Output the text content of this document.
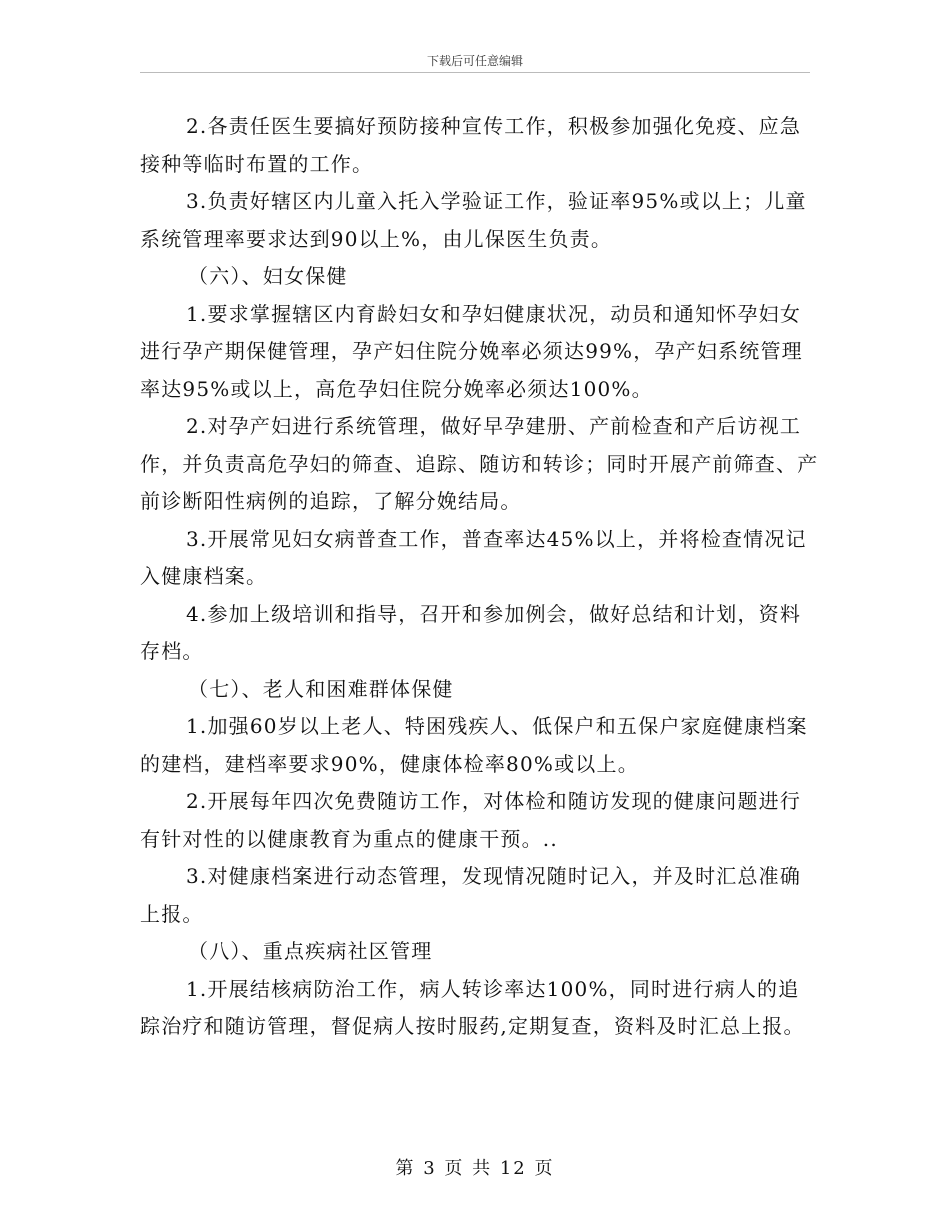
下载后可任意编辑

2.各责任医生要搞好预防接种宣传工作，积极参加强化免疫、应急接种等临时布置的工作。

3.负责好辖区内儿童入托入学验证工作，验证率95%或以上；儿童系统管理率要求达到90以上%，由儿保医生负责。

（六）、妇女保健

1.要求掌握辖区内育龄妇女和孕妇健康状况，动员和通知怀孕妇女进行孕产期保健管理，孕产妇住院分娩率必须达99%，孕产妇系统管理率达95%或以上，高危孕妇住院分娩率必须达100%。

2.对孕产妇进行系统管理，做好早孕建册、产前检查和产后访视工作，并负责高危孕妇的筛查、追踪、随访和转诊；同时开展产前筛查、产前诊断阳性病例的追踪，了解分娩结局。

3.开展常见妇女病普查工作，普查率达45%以上，并将检查情况记入健康档案。

4.参加上级培训和指导，召开和参加例会，做好总结和计划，资料存档。

（七）、老人和困难群体保健

1.加强60岁以上老人、特困残疾人、低保户和五保户家庭健康档案的建档，建档率要求90%，健康体检率80%或以上。

2.开展每年四次免费随访工作，对体检和随访发现的健康问题进行有针对性的以健康教育为重点的健康干预。..

3.对健康档案进行动态管理，发现情况随时记入，并及时汇总准确上报。

（八）、重点疾病社区管理

1.开展结核病防治工作，病人转诊率达100%，同时进行病人的追踪治疗和随访管理，督促病人按时服药,定期复查，资料及时汇总上报。

第 3 页 共 12 页
